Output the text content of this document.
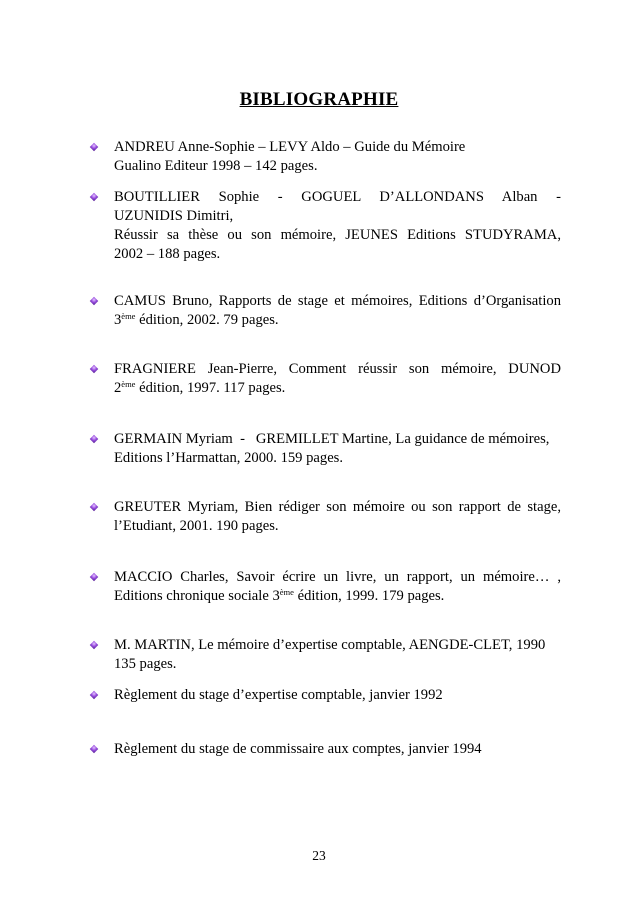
BIBLIOGRAPHIE
ANDREU Anne-Sophie – LEVY Aldo – Guide du Mémoire
Gualino Editeur 1998 – 142 pages.
BOUTILLIER Sophie - GOGUEL D’ALLONDANS Alban -
UZUNIDIS Dimitri,
Réussir sa thèse ou son mémoire, JEUNES Editions STUDYRAMA,
2002 – 188 pages.
CAMUS Bruno, Rapports de stage et mémoires, Editions d’Organisation
3ème édition, 2002. 79 pages.
FRAGNIERE Jean-Pierre, Comment réussir son mémoire, DUNOD
2ème édition, 1997. 117 pages.
GERMAIN Myriam  -   GREMILLET Martine, La guidance de mémoires,
Editions l’Harmattan, 2000. 159 pages.
GREUTER Myriam, Bien rédiger son mémoire ou son rapport de stage,
l’Etudiant, 2001. 190 pages.
MACCIO Charles, Savoir écrire un livre, un rapport, un mémoire… ,
Editions chronique sociale 3ème édition, 1999. 179 pages.
M. MARTIN, Le mémoire d’expertise comptable, AENGDE-CLET, 1990
135 pages.
Règlement du stage d’expertise comptable, janvier 1992
Règlement du stage de commissaire aux comptes, janvier 1994
23
